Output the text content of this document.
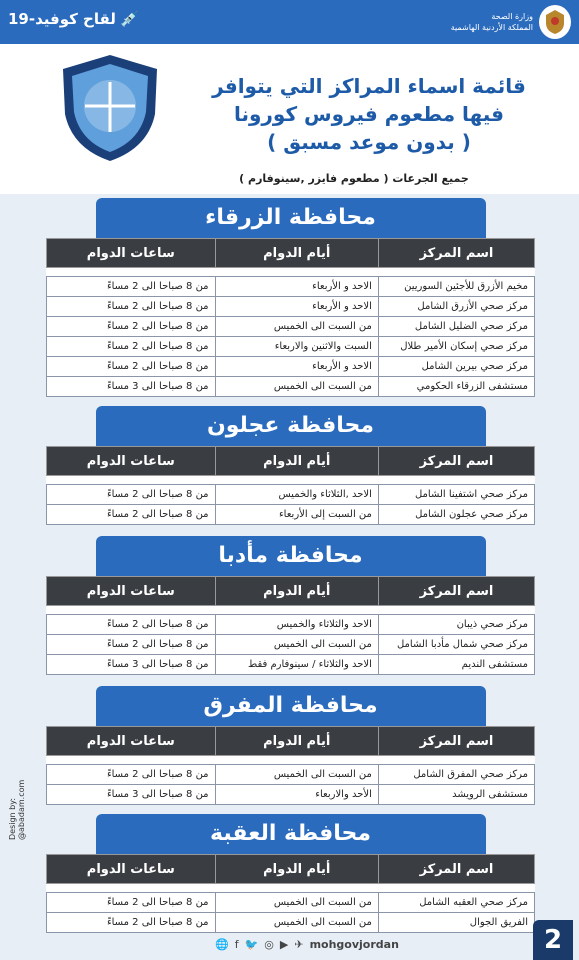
لقاح كوفيد-19 💉	وزارة الصحة
المملكة الأردنية الهاشمية
قائمة اسماء المراكز التي يتوافر
فيها مطعوم فيروس كورونا
( بدون موعد مسبق )
( مطعوم فايزر ,سينوفارم ) جميع الجرعات
محافظة الزرقاء
اسم المركز	أيام الدوام	ساعات الدوام

مخيم الأزرق للأجئين السوريين	الاحد و الأربعاء	من 8 صباحا الى 2 مساءً
مركز صحي الأزرق الشامل	الاحد و الأربعاء	من 8 صباحا الى 2 مساءً
مركز صحي الضليل الشامل	من السبت الى الخميس	من 8 صباحا الى 2 مساءً
مركز صحي إسكان الأمير طلال	السبت والاثنين والاربعاء	من 8 صباحا الى 2 مساءً
مركز صحي بيرين الشامل	الاحد و الأربعاء	من 8 صباحا الى 2 مساءً
مستشفى الزرقاء الحكومي	من السبت الى الخميس	من 8 صباحا الى 3 مساءً
محافظة عجلون
اسم المركز	أيام الدوام	ساعات الدوام

مركز صحي اشتفينا الشامل	الاحد ,الثلاثاء والخميس	من 8 صباحا الى 2 مساءً
مركز صحي عجلون الشامل	من السبت إلى الأربعاء	من 8 صباحا الى 2 مساءً
محافظة مأدبا
اسم المركز	أيام الدوام	ساعات الدوام

مركز صحي ذيبان	الاحد والثلاثاء والخميس	من 8 صباحا الى 2 مساءً
مركز صحي شمال مأدبا الشامل	من السبت الى الخميس	من 8 صباحا الى 2 مساءً
مستشفى النديم	الاحد والثلاثاء / سينوفارم فقط	من 8 صباحا الى 3 مساءً
محافظة المفرق
اسم المركز	أيام الدوام	ساعات الدوام

مركز صحي المفرق الشامل	من السبت الى الخميس	من 8 صباحا الى 2 مساءً
مستشفى الرويشد	الأحد والاربعاء	من 8 صباحا الى 3 مساءً
محافظة العقبة
اسم المركز	أيام الدوام	ساعات الدوام

مركز صحي العقبه الشامل	من السبت الى الخميس	من 8 صباحا الى 2 مساءً
الفريق الجوال	من السبت الى الخميس	من 8 صباحا الى 2 مساءً
Design by: @abadam.com
🌐 f 🐦 ◎ ▶ ✈ mohgovjordan	2
